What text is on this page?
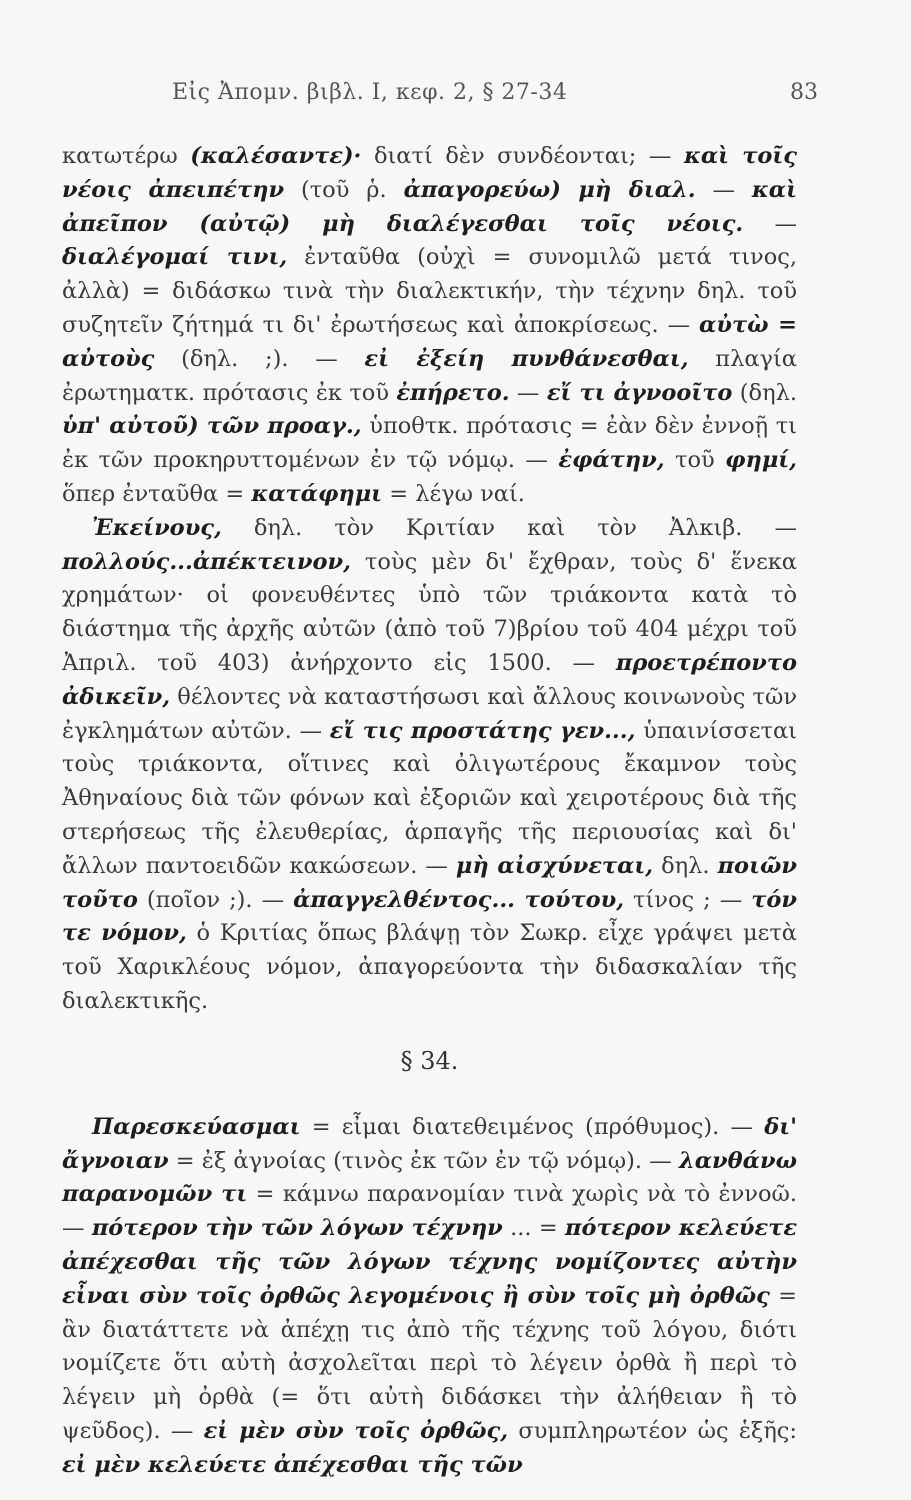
Εἰς Ἀπομν. βιβλ. Ι, κεφ. 2, § 27-34	83

κατωτέρω (καλέσαντε)· διατί δὲν συνδέονται; — καὶ τοῖς νέοις ἀπειπέτην (τοῦ ῥ. ἀπαγορεύω) μὴ διαλ. — καὶ ἀπεῖπον (αὐτῷ) μὴ διαλέγεσθαι τοῖς νέοις. — διαλέγομαί τινι, ἐνταῦθα (οὐχὶ = συνομιλῶ μετά τινος, ἀλλὰ) = διδάσκω τινὰ τὴν διαλεκτικήν, τὴν τέχνην δηλ. τοῦ συζητεῖν ζήτημά τι δι' ἐρωτήσεως καὶ ἀποκρίσεως. — αὐτὼ = αὐτοὺς (δηλ. ;). — εἰ ἐξείη πυνθάνεσθαι, πλαγία ἐρωτηματκ. πρότασις ἐκ τοῦ ἐπήρετο. — εἴ τι ἀγνοοῖτο (δηλ. ὑπ' αὐτοῦ) τῶν προαγ., ὑποθτκ. πρότασις = ἐὰν δὲν ἐννοῇ τι ἐκ τῶν προκηρυττομένων ἐν τῷ νόμῳ. — ἐφάτην, τοῦ φημί, ὅπερ ἐνταῦθα = κατάφημι = λέγω ναί.

Ἐκείνους, δηλ. τὸν Κριτίαν καὶ τὸν Ἀλκιβ. — πολλούς...ἀπέκτεινον, τοὺς μὲν δι' ἔχθραν, τοὺς δ' ἕνεκα χρημάτων· οἱ φονευθέντες ὑπὸ τῶν τριάκοντα κατὰ τὸ διάστημα τῆς ἀρχῆς αὐτῶν (ἀπὸ τοῦ 7)βρίου τοῦ 404 μέχρι τοῦ Ἀπριλ. τοῦ 403) ἀνήρχοντο εἰς 1500. — προετρέποντο ἀδικεῖν, θέλοντες νὰ καταστήσωσι καὶ ἄλλους κοινωνοὺς τῶν ἐγκλημάτων αὐτῶν. — εἴ τις προστάτης γεν..., ὑπαινίσσεται τοὺς τριάκοντα, οἵτινες καὶ ὀλιγωτέρους ἔκαμνον τοὺς Ἀθηναίους διὰ τῶν φόνων καὶ ἐξοριῶν καὶ χειροτέρους διὰ τῆς στερήσεως τῆς ἐλευθερίας, ἁρπαγῆς τῆς περιουσίας καὶ δι' ἄλλων παντοειδῶν κακώσεων. — μὴ αἰσχύνεται, δηλ. ποιῶν τοῦτο (ποῖον ;). — ἀπαγγελθέντος... τούτου, τίνος ; — τόν τε νόμον, ὁ Κριτίας ὅπως βλάψῃ τὸν Σωκρ. εἶχε γράψει μετὰ τοῦ Χαρικλέους νόμον, ἀπαγορεύοντα τὴν διδασκαλίαν τῆς διαλεκτικῆς.

§ 34.

Παρεσκεύασμαι = εἶμαι διατεθειμένος (πρόθυμος). — δι' ἄγνοιαν = ἐξ ἀγνοίας (τινὸς ἐκ τῶν ἐν τῷ νόμῳ). — λανθάνω παρανομῶν τι = κάμνω παρανομίαν τινὰ χωρὶς νὰ τὸ ἐννοῶ. — πότερον τὴν τῶν λόγων τέχνην ... = πότερον κελεύετε ἀπέχεσθαι τῆς τῶν λόγων τέχνης νομίζοντες αὐτὴν εἶναι σὺν τοῖς ὀρθῶς λεγομένοις ἢ σὺν τοῖς μὴ ὀρθῶς = ἂν διατάττετε νὰ ἀπέχῃ τις ἀπὸ τῆς τέχνης τοῦ λόγου, διότι νομίζετε ὅτι αὐτὴ ἀσχολεῖται περὶ τὸ λέγειν ὀρθὰ ἢ περὶ τὸ λέγειν μὴ ὀρθὰ (= ὅτι αὐτὴ διδάσκει τὴν ἀλήθειαν ἢ τὸ ψεῦδος). — εἰ μὲν σὺν τοῖς ὀρθῶς, συμπληρωτέον ὡς ἑξῆς: εἰ μὲν κελεύετε ἀπέχεσθαι τῆς τῶν
